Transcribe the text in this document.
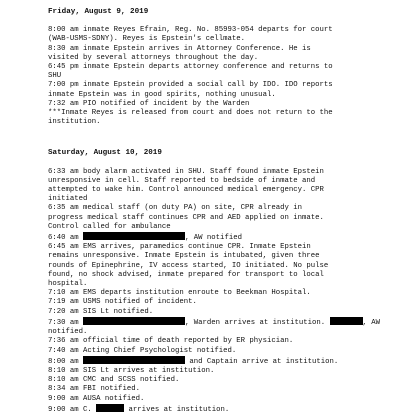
Friday, August 9, 2019

8:00 am inmate Reyes Efrain, Reg. No. 85993-054 departs for court
(WAB-USMS-SDNY). Reyes is Epstein's cellmate.

8:30 am inmate Epstein arrives in Attorney Conference. He is
visited by several attorneys throughout the day.

6:45 pm inmate Epstein departs attorney conference and returns to
SHU

7:00 pm inmate Epstein provided a social call by IDO. IDO reports
inmate Epstein was in good spirits, nothing unusual.

7:32 am PIO notified of incident by the Warden

***Inmate Reyes is released from court and does not return to the
institution.

Saturday, August 10, 2019

6:33 am body alarm activated in SHU. Staff found inmate Epstein
unresponsive in cell. Staff reported to bedside of inmate and
attempted to wake him. Control announced medical emergency. CPR
initiated

6:35 am medical staff (on duty PA) on site, CPR already in
progress medical staff continues CPR and AED applied on inmate.
Control called for ambulance

6:40 am	, AW notified

6:45 am EMS arrives, paramedics continue CPR. Inmate Epstein
remains unresponsive. Inmate Epstein is intubated, given three
rounds of Epinephrine, IV access started, IO initiated. No pulse
found, no shock advised, inmate prepared for transport to local
hospital.

7:10 am EMS departs institution enroute to Beekman Hospital.

7:19 am USMS notified of incident.

7:20 am SIS Lt notified.

7:30 am	, Warden arrives at institution.	, AW
notified.

7:36 am official time of death reported by ER physician.

7:40 am Acting Chief Psychologist notified.

8:00 am	and Captain arrive at institution.

8:10 am SIS Lt arrives at institution.

8:10 am CMC and SCSS notified.

8:34 am FBI notified.

9:00 am AUSA notified.

9:00 am C.	arrives at institution.
